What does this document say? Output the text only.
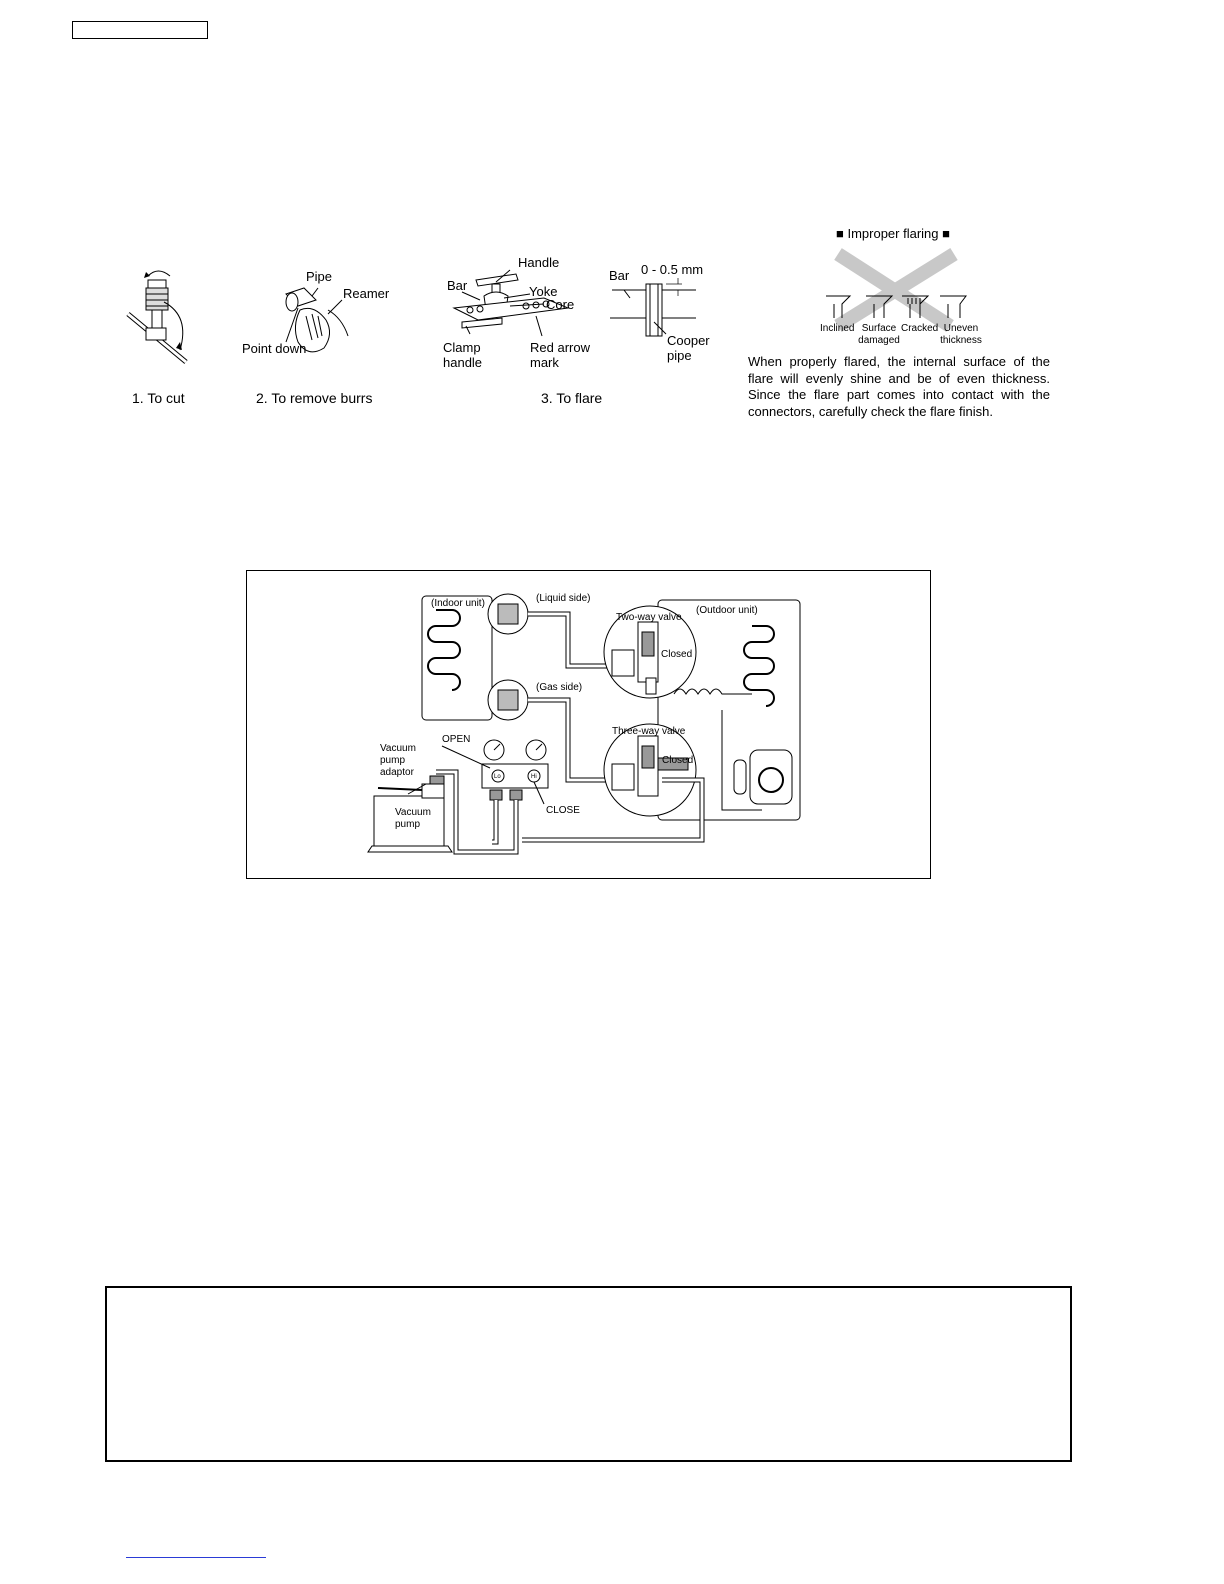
1. To cut
Pipe
Reamer
Point down
2. To remove burrs
Handle
Bar	Yoke
Core
Clamp handle
Red arrow mark
3. To flare
Bar 0 - 0.5 mm
Cooper pipe
■ Improper flaring ■
Inclined Surface damaged
Cracked Uneven thickness
When properly flared, the internal surface of the flare will evenly shine and be of even thickness. Since the flare part comes into contact with the connectors, carefully check the flare finish.
(Indoor unit)	(Liquid side)
(Outdoor unit)
Two-way valve
Closed
(Gas side)
Three-way valve
Closed
OPEN
CLOSE
Vacuum pump adaptor
Vacuum pump
Lo	Hi
